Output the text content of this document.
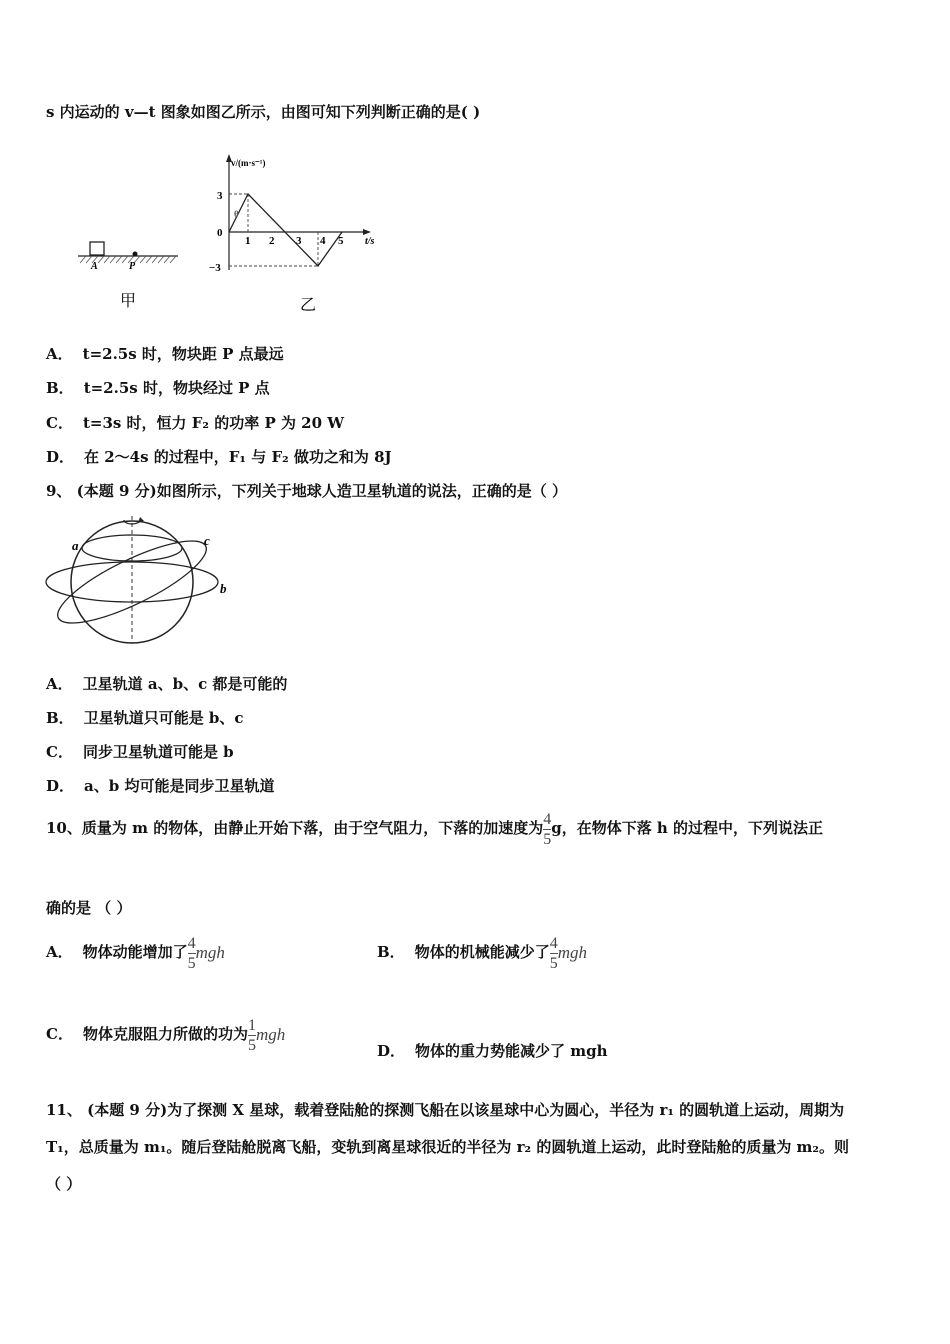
s 内运动的 v—t 图象如图乙所示，由图可知下列判断正确的是( )
A	P
甲
v/(m·s⁻¹)
t/s
3
0
−3
1 2 3 4 5
θ
乙
A． t=2.5s 时，物块距 P 点最远
B． t=2.5s 时，物块经过 P 点
C． t=3s 时，恒力 F₂ 的功率 P 为 20 W
D． 在 2～4s 的过程中，F₁ 与 F₂ 做功之和为 8J
9、 (本题 9 分)如图所示，下列关于地球人造卫星轨道的说法，正确的是（ ）
a
b
c
A． 卫星轨道 a、b、c 都是可能的
B． 卫星轨道只可能是 b、c
C． 同步卫星轨道可能是 b
D． a、b 均可能是同步卫星轨道
10、质量为 m 的物体，由静止开始下落，由于空气阻力，下落的加速度为$\frac{4}{5}g$，在物体下落 h 的过程中，下列说法正
确的是 （ ）
A． 物体动能增加了$\frac{4}{5}mgh$	B． 物体的机械能减少了$\frac{4}{5}mgh$
C． 物体克服阻力所做的功为$\frac{1}{5}mgh$
D． 物体的重力势能减少了 mgh
11、 (本题 9 分)为了探测 X 星球，载着登陆舱的探测飞船在以该星球中心为圆心，半径为 r₁ 的圆轨道上运动，周期为
T₁，总质量为 m₁。随后登陆舱脱离飞船，变轨到离星球很近的半径为 r₂ 的圆轨道上运动，此时登陆舱的质量为 m₂。则
（ ）
